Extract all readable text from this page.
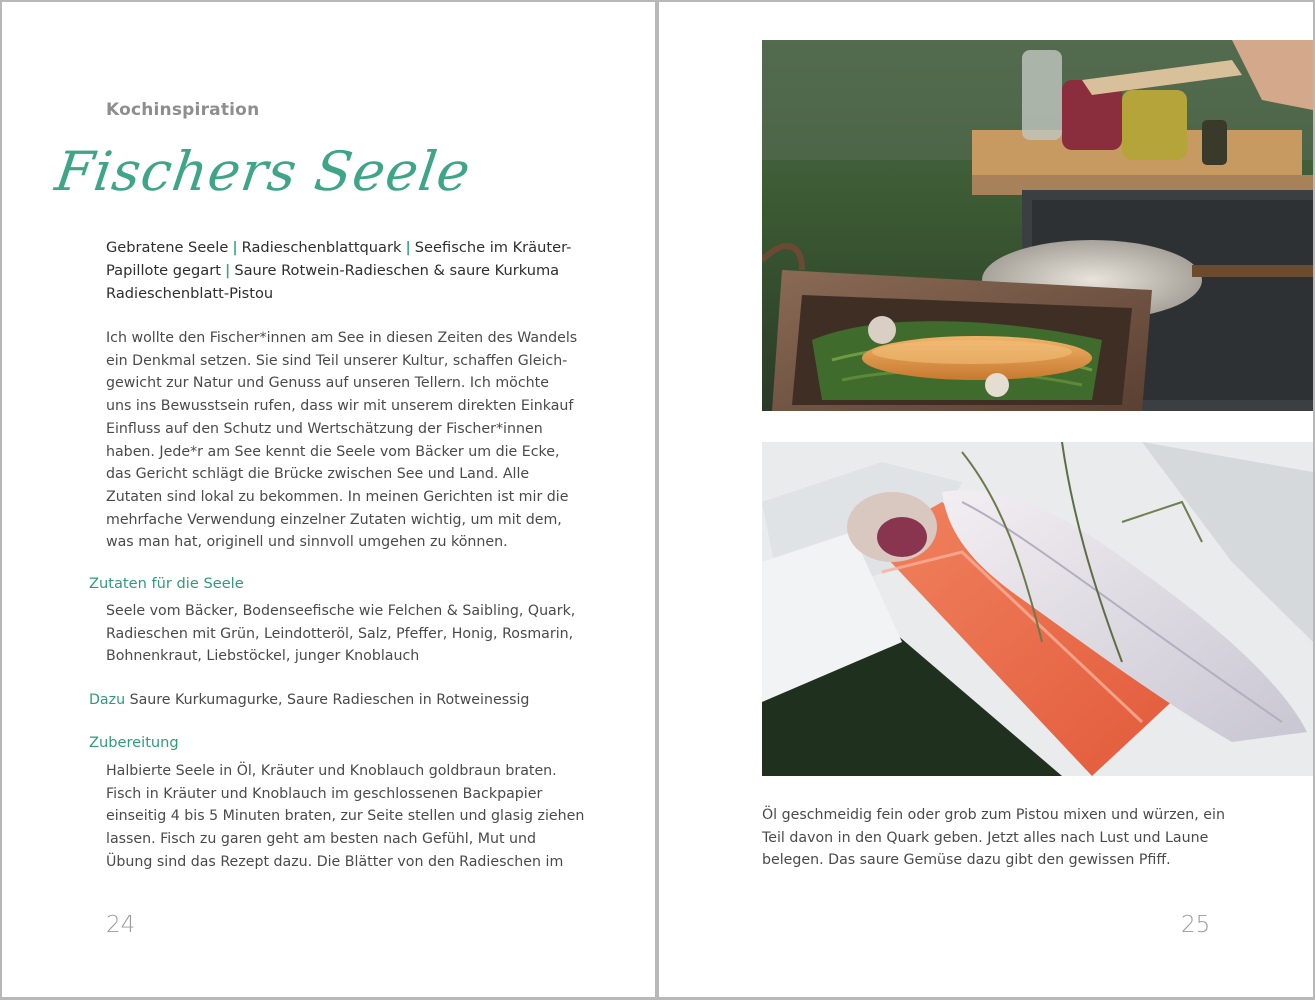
Kochinspiration
Fischers Seele
Gebratene Seele | Radieschenblattquark | Seefische im Kräuter-
Papillote gegart | Saure Rotwein-Radieschen & saure Kurkuma
Radieschenblatt-Pistou
Ich wollte den Fischer*innen am See in diesen Zeiten des Wandels
ein Denkmal setzen. Sie sind Teil unserer Kultur, schaffen Gleich-
gewicht zur Natur und Genuss auf unseren Tellern. Ich möchte
uns ins Bewusstsein rufen, dass wir mit unserem direkten Einkauf
Einfluss auf den Schutz und Wertschätzung der Fischer*innen
haben. Jede*r am See kennt die Seele vom Bäcker um die Ecke,
das Gericht schlägt die Brücke zwischen See und Land. Alle
Zutaten sind lokal zu bekommen. In meinen Gerichten ist mir die
mehrfache Verwendung einzelner Zutaten wichtig, um mit dem,
was man hat, originell und sinnvoll umgehen zu können.
Zutaten für die Seele
Seele vom Bäcker, Bodenseefische wie Felchen & Saibling, Quark,
Radieschen mit Grün, Leindotteröl, Salz, Pfeffer, Honig, Rosmarin,
Bohnenkraut, Liebstöckel, junger Knoblauch
Dazu Saure Kurkumagurke, Saure Radieschen in Rotweinessig
Zubereitung
Halbierte Seele in Öl, Kräuter und Knoblauch goldbraun braten.
Fisch in Kräuter und Knoblauch im geschlossenen Backpapier
einseitig 4 bis 5 Minuten braten, zur Seite stellen und glasig ziehen
lassen. Fisch zu garen geht am besten nach Gefühl, Mut und
Übung sind das Rezept dazu. Die Blätter von den Radieschen im
24
Öl geschmeidig fein oder grob zum Pistou mixen und würzen, ein
Teil davon in den Quark geben. Jetzt alles nach Lust und Laune
belegen. Das saure Gemüse dazu gibt den gewissen Pfiff.
25
